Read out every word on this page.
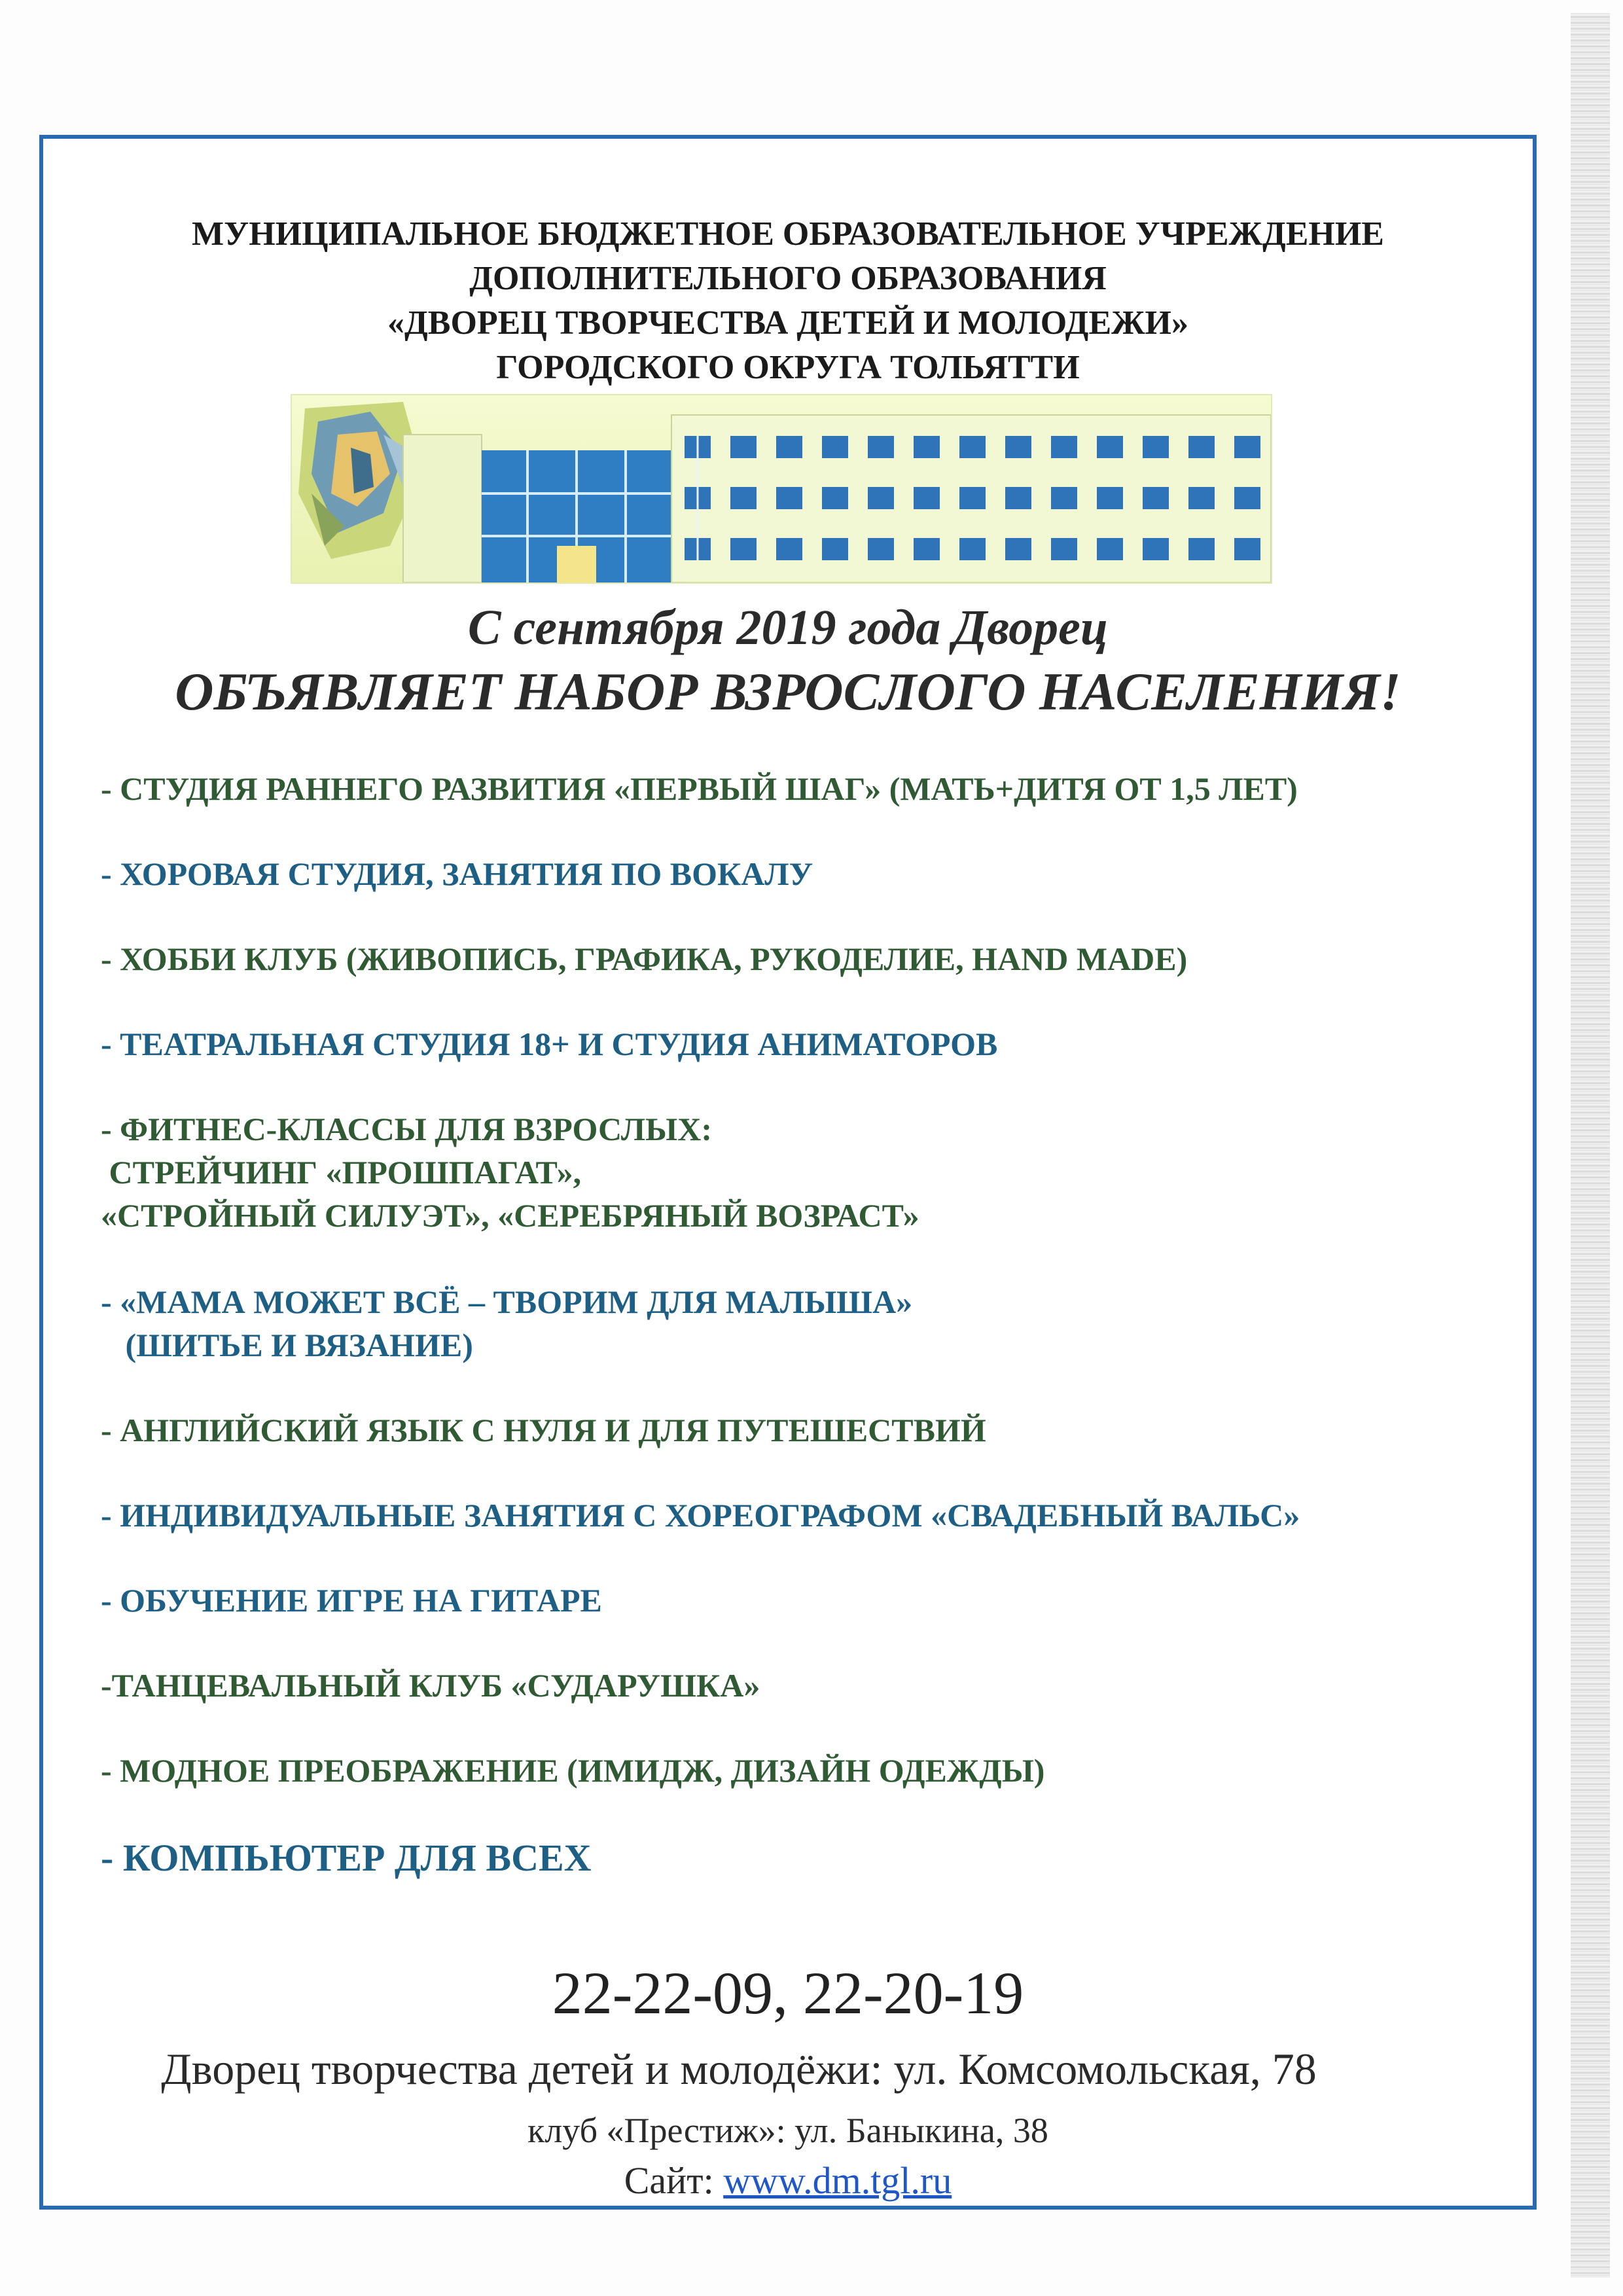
МУНИЦИПАЛЬНОЕ БЮДЖЕТНОЕ ОБРАЗОВАТЕЛЬНОЕ УЧРЕЖДЕНИЕ
ДОПОЛНИТЕЛЬНОГО ОБРАЗОВАНИЯ
«ДВОРЕЦ ТВОРЧЕСТВА ДЕТЕЙ И МОЛОДЕЖИ»
ГОРОДСКОГО ОКРУГА ТОЛЬЯТТИ
С сентября 2019 года Дворец
ОБЪЯВЛЯЕТ НАБОР ВЗРОСЛОГО НАСЕЛЕНИЯ!
- СТУДИЯ РАННЕГО РАЗВИТИЯ «ПЕРВЫЙ ШАГ» (МАТЬ+ДИТЯ ОТ 1,5 ЛЕТ)
- ХОРОВАЯ СТУДИЯ, ЗАНЯТИЯ ПО ВОКАЛУ
- ХОББИ КЛУБ (ЖИВОПИСЬ, ГРАФИКА, РУКОДЕЛИЕ, HAND MADE)
- ТЕАТРАЛЬНАЯ СТУДИЯ 18+ И СТУДИЯ АНИМАТОРОВ
- ФИТНЕС-КЛАССЫ ДЛЯ ВЗРОСЛЫХ:
СТРЕЙЧИНГ «ПРОШПАГАТ»,
«СТРОЙНЫЙ СИЛУЭТ», «СЕРЕБРЯНЫЙ ВОЗРАСТ»
- «МАМА МОЖЕТ ВСЁ – ТВОРИМ ДЛЯ МАЛЫША»
(ШИТЬЕ И ВЯЗАНИЕ)
- АНГЛИЙСКИЙ ЯЗЫК С НУЛЯ И ДЛЯ ПУТЕШЕСТВИЙ
- ИНДИВИДУАЛЬНЫЕ ЗАНЯТИЯ С ХОРЕОГРАФОМ «СВАДЕБНЫЙ ВАЛЬС»
- ОБУЧЕНИЕ ИГРЕ НА ГИТАРЕ
-ТАНЦЕВАЛЬНЫЙ КЛУБ «СУДАРУШКА»
- МОДНОЕ ПРЕОБРАЖЕНИЕ (ИМИДЖ, ДИЗАЙН ОДЕЖДЫ)
- КОМПЬЮТЕР ДЛЯ ВСЕХ
22-22-09, 22-20-19
Дворец творчества детей и молодёжи: ул. Комсомольская, 78
клуб «Престиж»: ул. Баныкина, 38
Сайт: www.dm.tgl.ru
